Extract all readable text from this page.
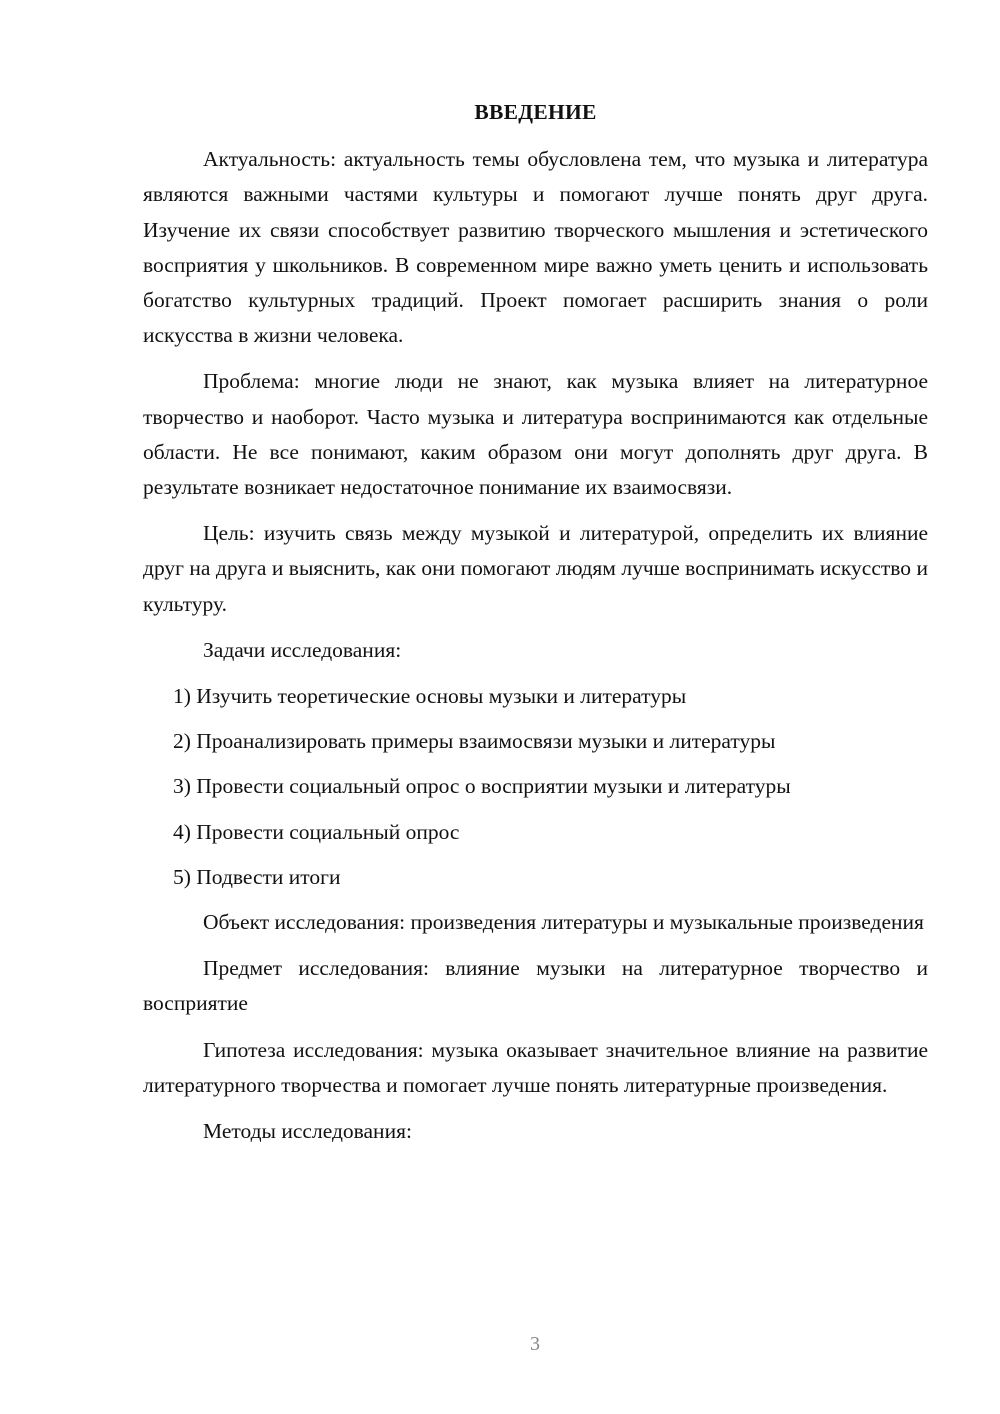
ВВЕДЕНИЕ

Актуальность: актуальность темы обусловлена тем, что музыка и литература являются важными частями культуры и помогают лучше понять друг друга. Изучение их связи способствует развитию творческого мышления и эстетического восприятия у школьников. В современном мире важно уметь ценить и использовать богатство культурных традиций. Проект помогает расширить знания о роли искусства в жизни человека.

Проблема: многие люди не знают, как музыка влияет на литературное творчество и наоборот. Часто музыка и литература воспринимаются как отдельные области. Не все понимают, каким образом они могут дополнять друг друга. В результате возникает недостаточное понимание их взаимосвязи.

Цель: изучить связь между музыкой и литературой, определить их влияние друг на друга и выяснить, как они помогают людям лучше воспринимать искусство и культуру.

Задачи исследования:

1) Изучить теоретические основы музыки и литературы
2) Проанализировать примеры взаимосвязи музыки и литературы
3) Провести социальный опрос о восприятии музыки и литературы
4) Провести социальный опрос
5) Подвести итоги

Объект исследования: произведения литературы и музыкальные произведения

Предмет исследования: влияние музыки на литературное творчество и восприятие

Гипотеза исследования: музыка оказывает значительное влияние на развитие литературного творчества и помогает лучше понять литературные произведения.

Методы исследования:

3
